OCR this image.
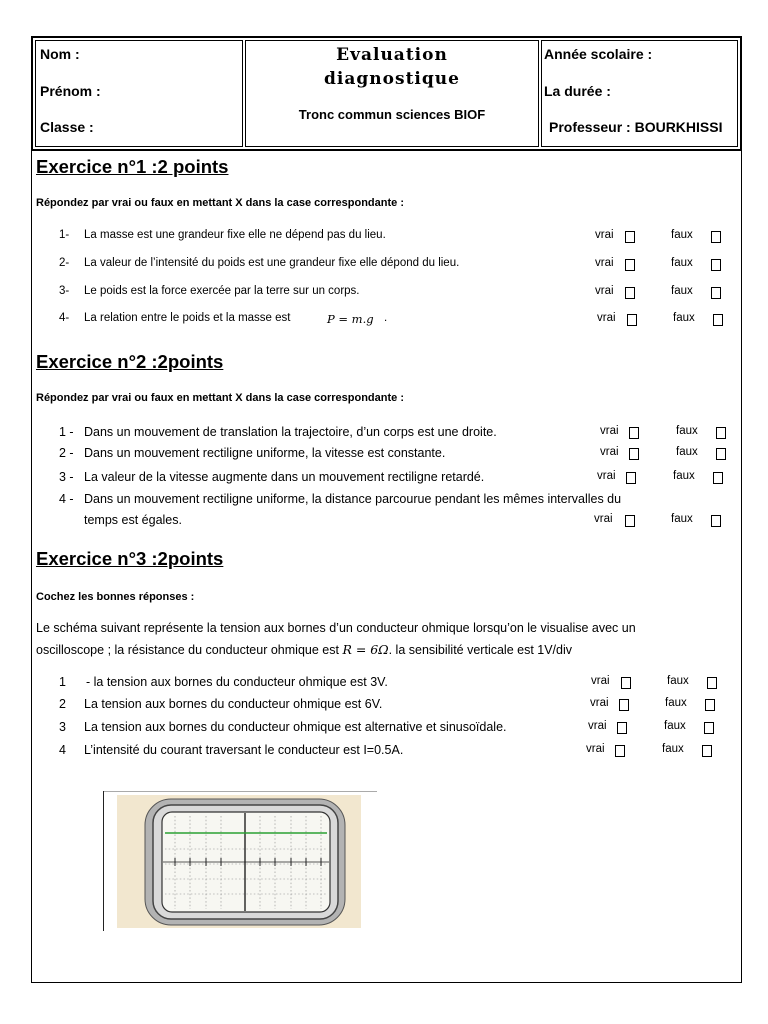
Nom :
Prénom :
Classe :
Evaluation
diagnostique
Tronc commun sciences BIOF
Année scolaire :
La durée :
Professeur : BOURKHISSI
Exercice n°1 :2 points
Répondez par vrai ou faux en mettant X dans la case correspondante :
1- La masse est une grandeur fixe elle ne dépend pas du lieu.	vrai	faux
2- La valeur de l’intensité du poids est une grandeur fixe elle dépond du lieu.	vrai	faux
3- Le poids est la force exercée par la terre sur un corps.	vrai	faux
4- La relation entre le poids et la masse est	P = m.g .	vrai	faux
Exercice n°2 :2points
Répondez par vrai ou faux en mettant X dans la case correspondante :
1 - Dans un mouvement de translation la trajectoire, d’un corps est une droite.	vrai	faux
2 - Dans un mouvement rectiligne uniforme, la vitesse est constante.	vrai	faux
3 - La valeur de la vitesse augmente dans un mouvement rectiligne retardé.	vrai	faux
4 - Dans un mouvement rectiligne uniforme, la distance parcourue pendant les mêmes intervalles du
temps est égales.	vrai	faux
Exercice n°3 :2points
Cochez les bonnes réponses :
Le schéma suivant représente la tension aux bornes d’un conducteur ohmique lorsqu’on le visualise avec un
oscilloscope ; la résistance du conducteur ohmique est R = 6Ω. la sensibilité verticale est 1V/div
1 - la tension aux bornes du conducteur ohmique est 3V.	vrai	faux
2 La tension aux bornes du conducteur ohmique est 6V.	vrai	faux
3 La tension aux bornes du conducteur ohmique est alternative et sinusoïdale.	vrai	faux
4 L’intensité du courant traversant le conducteur est I=0.5A.	vrai	faux
